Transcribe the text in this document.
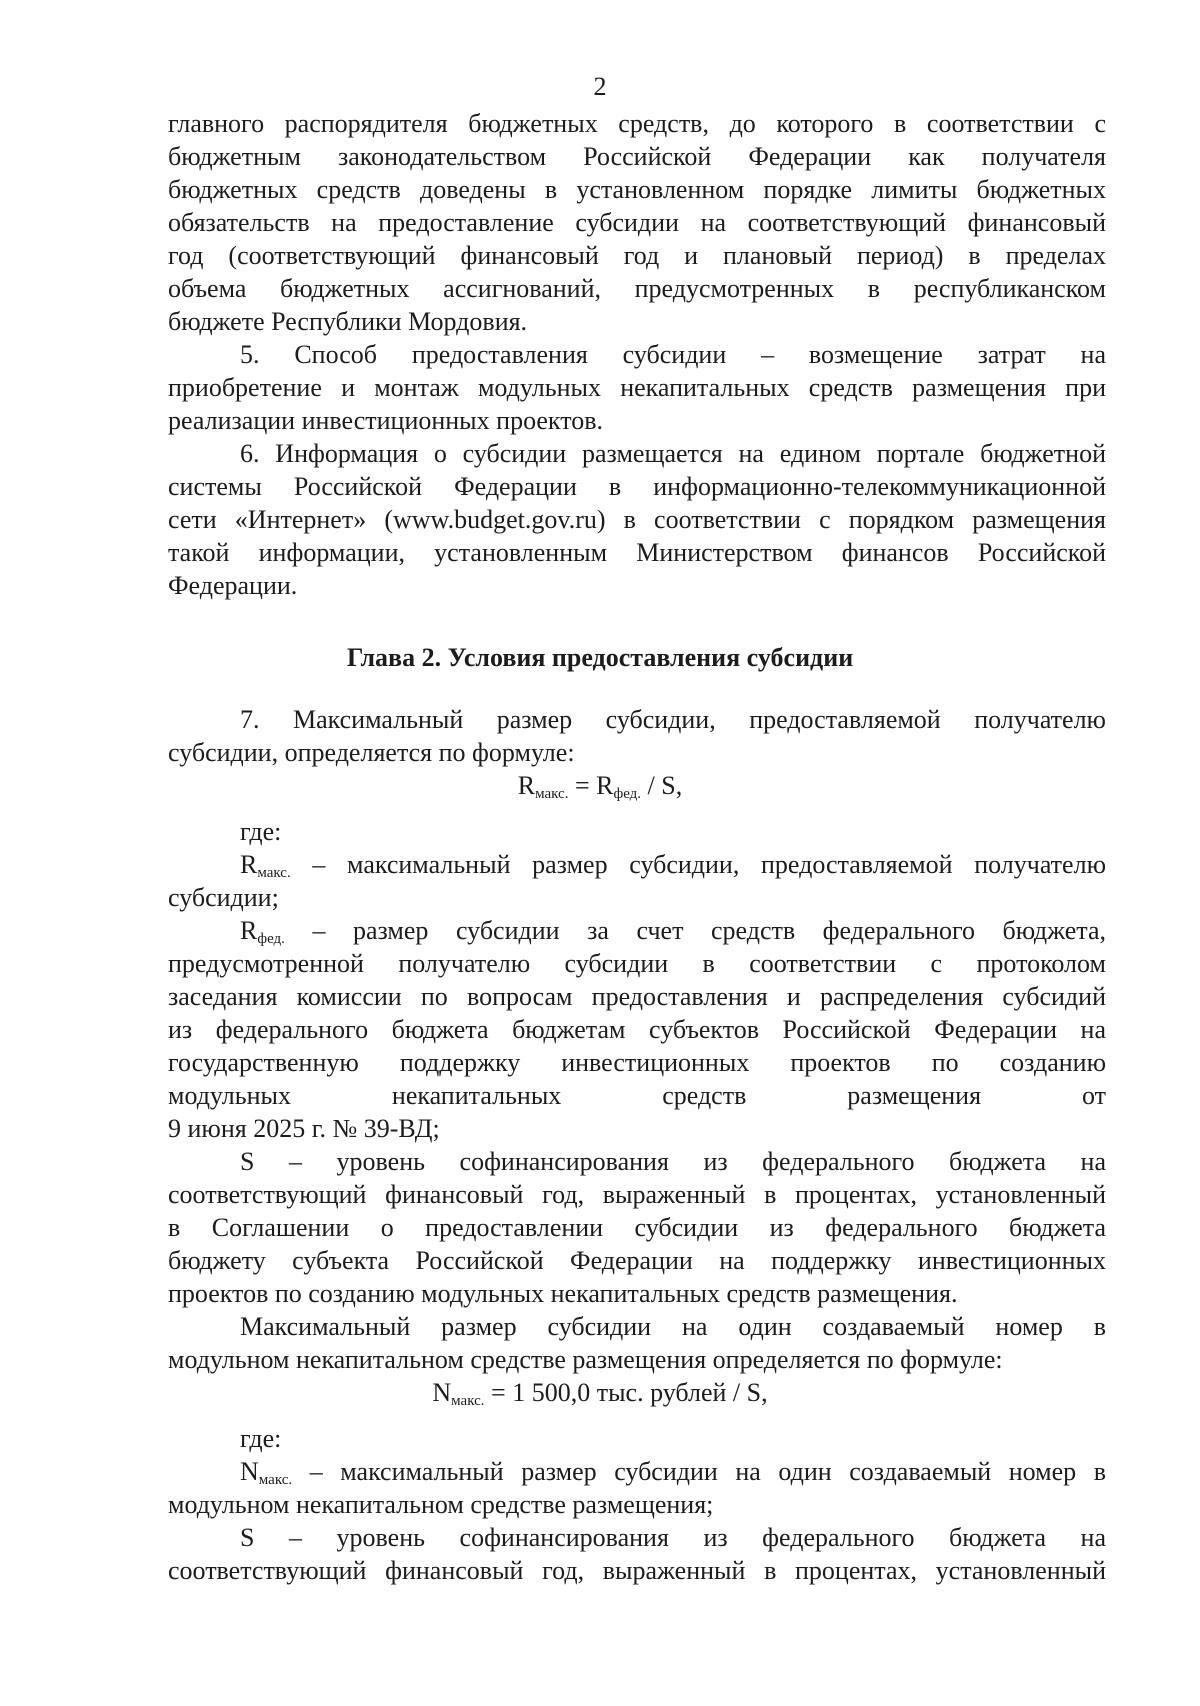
2
главного распорядителя бюджетных средств, до которого в соответствии с
бюджетным законодательством Российской Федерации как получателя
бюджетных средств доведены в установленном порядке лимиты бюджетных
обязательств на предоставление субсидии на соответствующий финансовый
год (соответствующий финансовый год и плановый период) в пределах
объема бюджетных ассигнований, предусмотренных в республиканском
бюджете Республики Мордовия.
5. Способ предоставления субсидии – возмещение затрат на
приобретение и монтаж модульных некапитальных средств размещения при
реализации инвестиционных проектов.
6. Информация о субсидии размещается на едином портале бюджетной
системы Российской Федерации в информационно-телекоммуникационной
сети «Интернет» (www.budget.gov.ru) в соответствии с порядком размещения
такой информации, установленным Министерством финансов Российской
Федерации.
Глава 2. Условия предоставления субсидии
7. Максимальный размер субсидии, предоставляемой получателю
субсидии, определяется по формуле:
$R_{макс.} = R_{фед.} / S$,
где:
$R_{макс.}$ – максимальный размер субсидии, предоставляемой получателю
субсидии;
$R_{фед.}$ – размер субсидии за счет средств федерального бюджета,
предусмотренной получателю субсидии в соответствии с протоколом
заседания комиссии по вопросам предоставления и распределения субсидий
из федерального бюджета бюджетам субъектов Российской Федерации на
государственную поддержку инвестиционных проектов по созданию
модульных некапитальных средств размещения от
9 июня 2025 г. № 39-ВД;
S – уровень софинансирования из федерального бюджета на
соответствующий финансовый год, выраженный в процентах, установленный
в Соглашении о предоставлении субсидии из федерального бюджета
бюджету субъекта Российской Федерации на поддержку инвестиционных
проектов по созданию модульных некапитальных средств размещения.
Максимальный размер субсидии на один создаваемый номер в
модульном некапитальном средстве размещения определяется по формуле:
$N_{макс.} = 1$ 500,0 тыс. рублей / S,
где:
$N_{макс.}$ – максимальный размер субсидии на один создаваемый номер в
модульном некапитальном средстве размещения;
S – уровень софинансирования из федерального бюджета на
соответствующий финансовый год, выраженный в процентах, установленный
